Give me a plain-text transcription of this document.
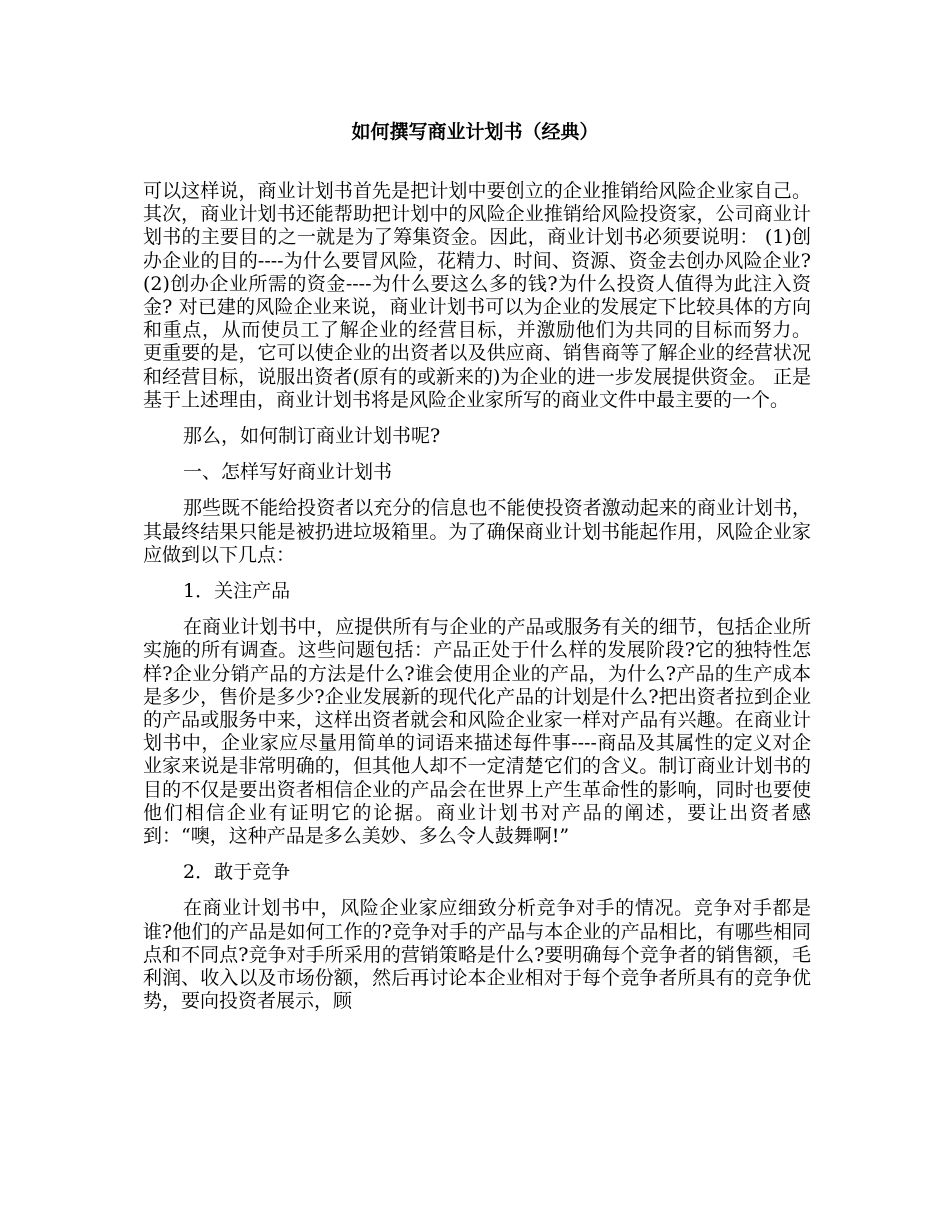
如何撰写商业计划书（经典）

可以这样说，商业计划书首先是把计划中要创立的企业推销给风险企业家自己。 其次，商业计划书还能帮助把计划中的风险企业推销给风险投资家，公司商业计划书的主要目的之一就是为了筹集资金。因此，商业计划书必须要说明： (1)创办企业的目的----为什么要冒风险，花精力、时间、资源、资金去创办风险企业? (2)创办企业所需的资金----为什么要这么多的钱?为什么投资人值得为此注入资金? 对已建的风险企业来说，商业计划书可以为企业的发展定下比较具体的方向和重点，从而使员工了解企业的经营目标，并激励他们为共同的目标而努力。 更重要的是，它可以使企业的出资者以及供应商、销售商等了解企业的经营状况和经营目标，说服出资者(原有的或新来的)为企业的进一步发展提供资金。 正是基于上述理由，商业计划书将是风险企业家所写的商业文件中最主要的一个。

那么，如何制订商业计划书呢?

一、怎样写好商业计划书

那些既不能给投资者以充分的信息也不能使投资者激动起来的商业计划书，其最终结果只能是被扔进垃圾箱里。为了确保商业计划书能起作用，风险企业家应做到以下几点：

1．关注产品

在商业计划书中，应提供所有与企业的产品或服务有关的细节，包括企业所实施的所有调查。这些问题包括：产品正处于什么样的发展阶段?它的独特性怎样?企业分销产品的方法是什么?谁会使用企业的产品，为什么?产品的生产成本是多少，售价是多少?企业发展新的现代化产品的计划是什么?把出资者拉到企业的产品或服务中来，这样出资者就会和风险企业家一样对产品有兴趣。在商业计划书中，企业家应尽量用简单的词语来描述每件事----商品及其属性的定义对企业家来说是非常明确的，但其他人却不一定清楚它们的含义。制订商业计划书的目的不仅是要出资者相信企业的产品会在世界上产生革命性的影响，同时也要使他们相信企业有证明它的论据。商业计划书对产品的阐述，要让出资者感到：“噢，这种产品是多么美妙、多么令人鼓舞啊!”

2．敢于竞争

在商业计划书中，风险企业家应细致分析竞争对手的情况。竞争对手都是谁?他们的产品是如何工作的?竞争对手的产品与本企业的产品相比，有哪些相同点和不同点?竞争对手所采用的营销策略是什么?要明确每个竞争者的销售额，毛利润、收入以及市场份额，然后再讨论本企业相对于每个竞争者所具有的竞争优势，要向投资者展示，顾
